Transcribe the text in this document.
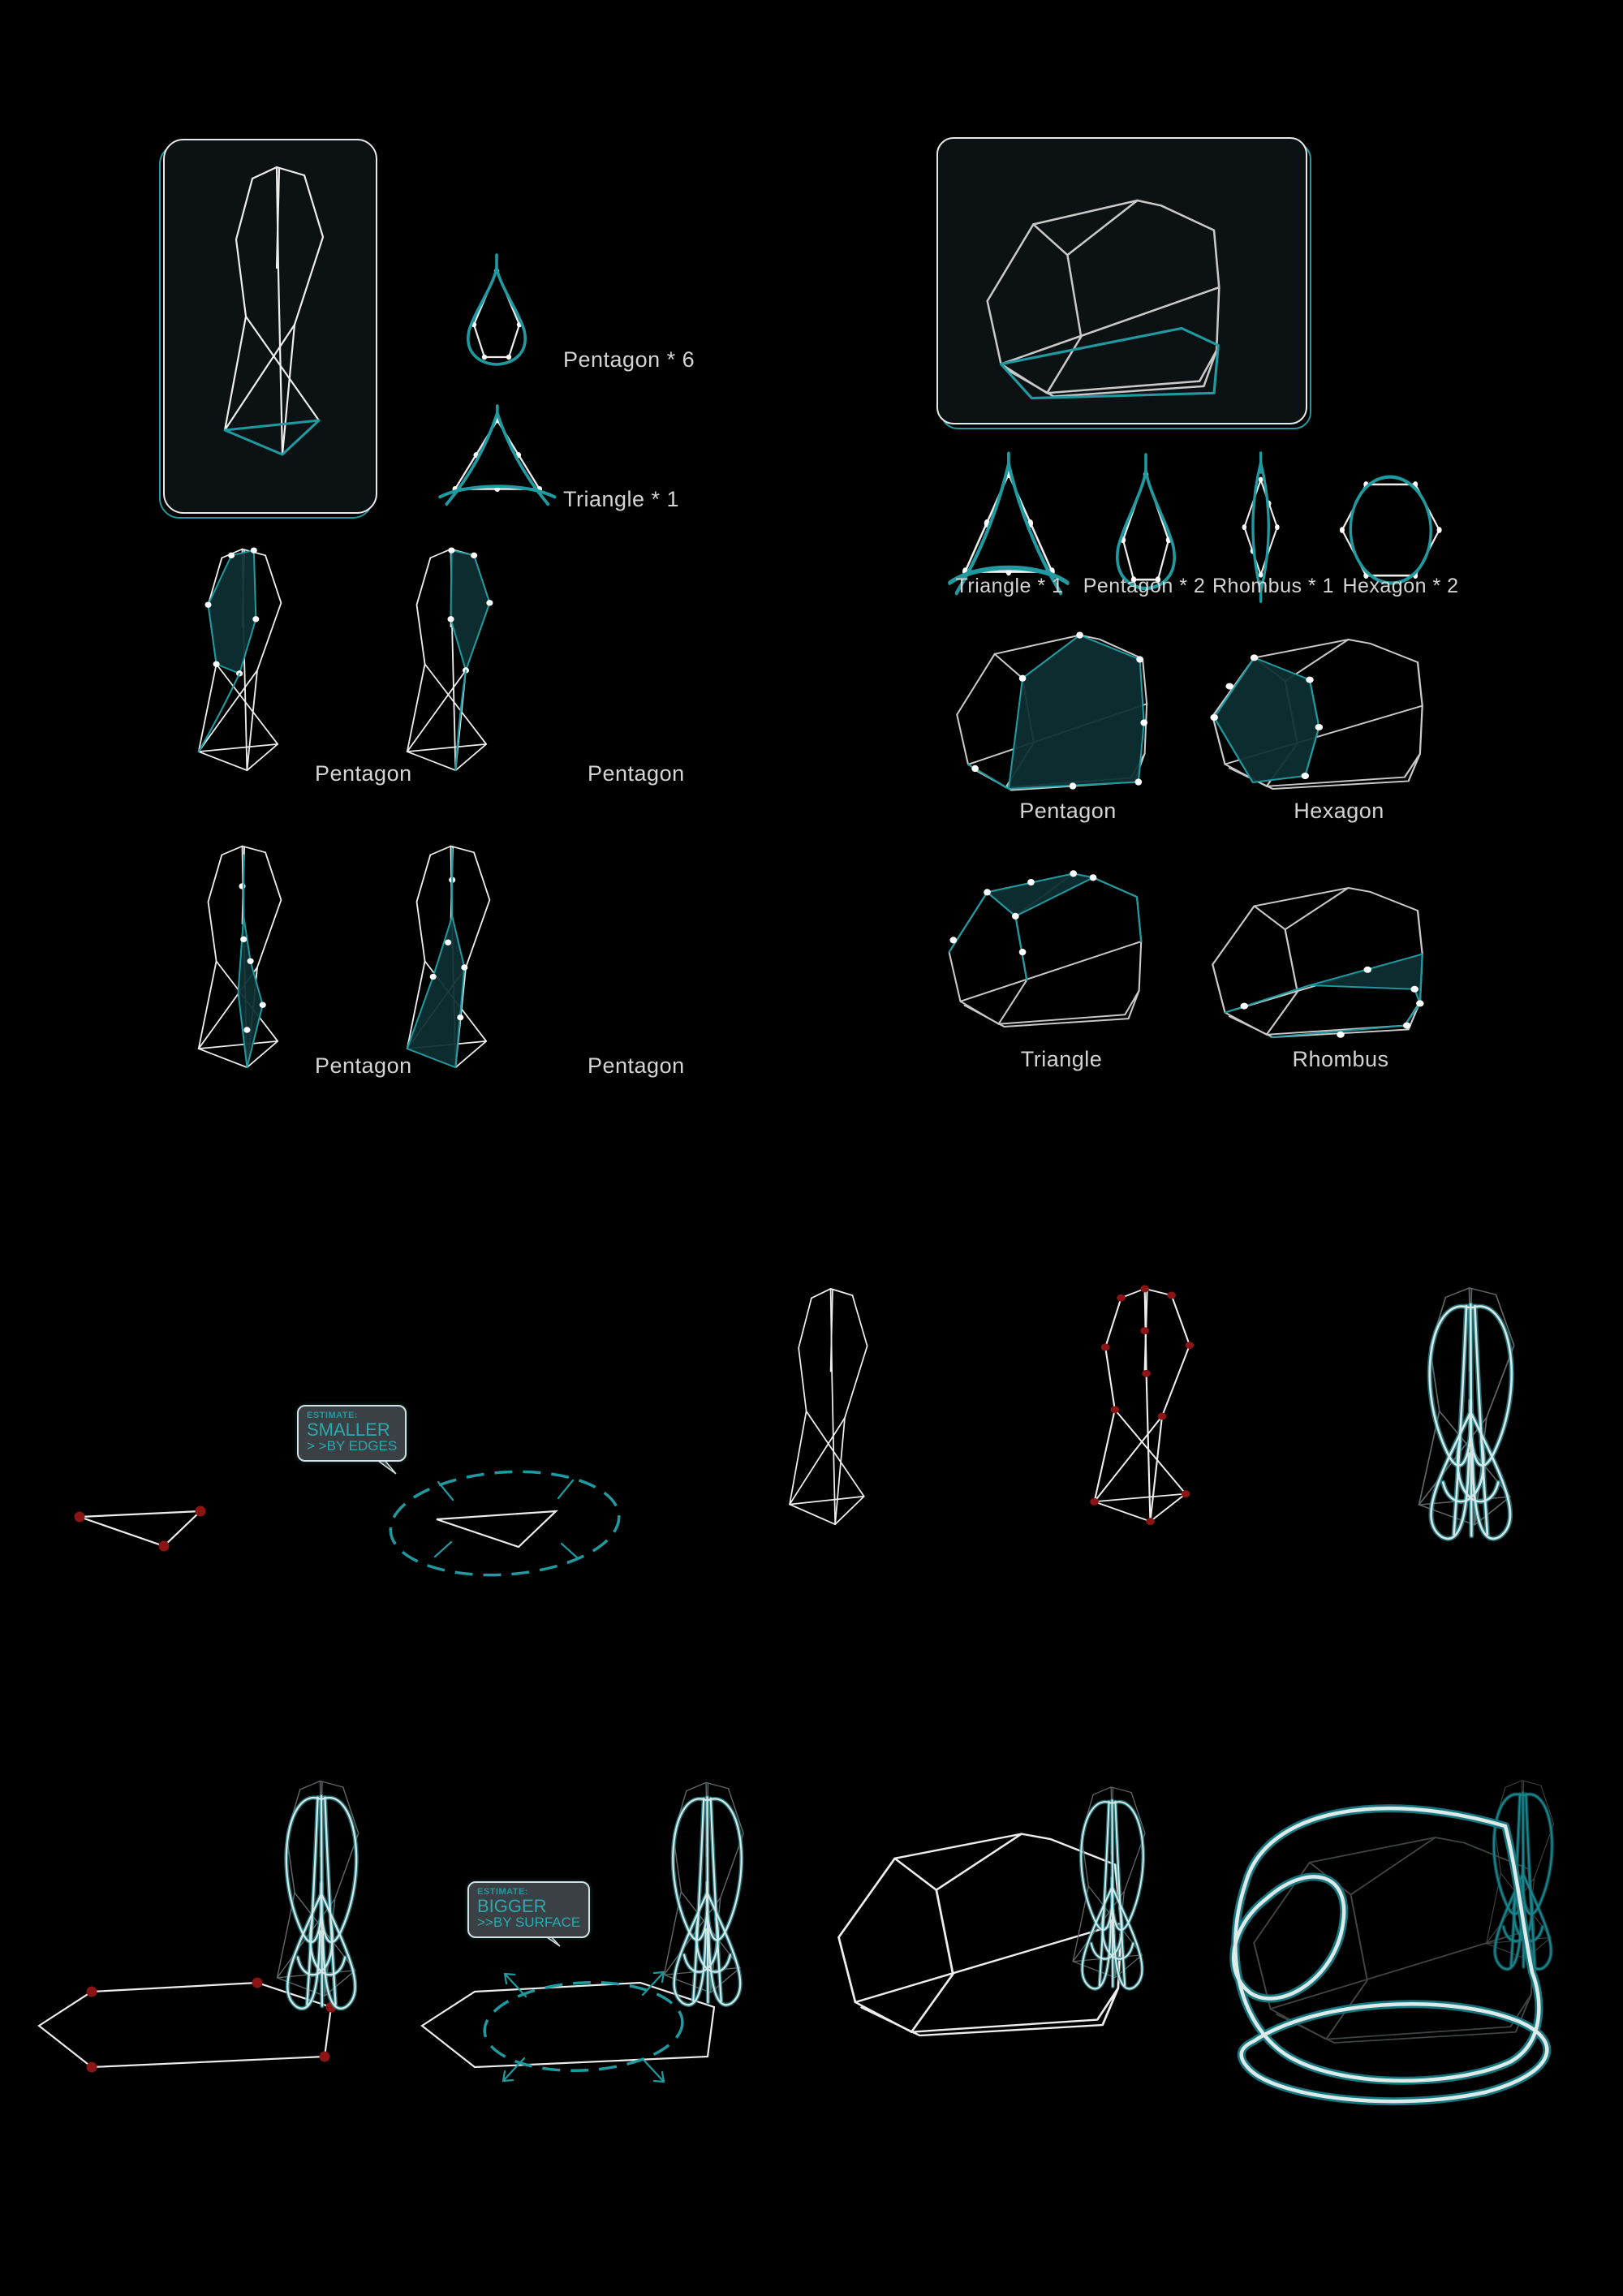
Pentagon * 6
Triangle * 1
Triangle * 1 Pentagon * 2 Rhombus * 1 Hexagon * 2
Pentagon	Pentagon
Pentagon	Pentagon
Pentagon	Hexagon
Triangle	Rhombus
ESTIMATE:
SMALLER
> >BY EDGES
ESTIMATE:
BIGGER
>>BY SURFACE
